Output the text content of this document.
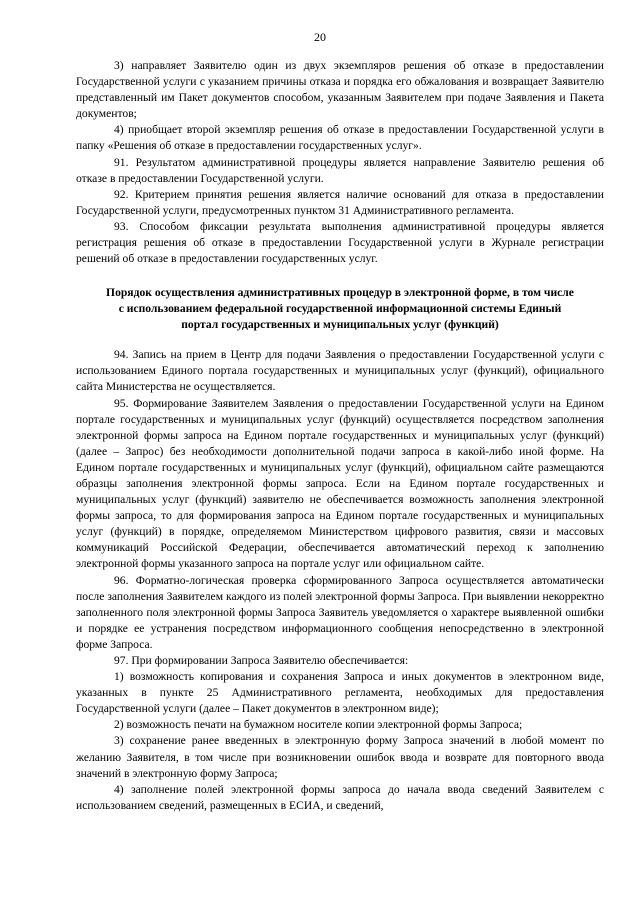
20

3) направляет Заявителю один из двух экземпляров решения об отказе в предоставлении Государственной услуги с указанием причины отказа и порядка его обжалования и возвращает Заявителю представленный им Пакет документов способом, указанным Заявителем при подаче Заявления и Пакета документов;

4) приобщает второй экземпляр решения об отказе в предоставлении Государственной услуги в папку «Решения об отказе в предоставлении государственных услуг».

91. Результатом административной процедуры является направление Заявителю решения об отказе в предоставлении Государственной услуги.

92. Критерием принятия решения является наличие оснований для отказа в предоставлении Государственной услуги, предусмотренных пунктом 31 Административного регламента.

93. Способом фиксации результата выполнения административной процедуры является регистрация решения об отказе в предоставлении Государственной услуги в Журнале регистрации решений об отказе в предоставлении государственных услуг.

Порядок осуществления административных процедур в электронной форме, в том числе
с использованием федеральной государственной информационной системы Единый
портал государственных и муниципальных услуг (функций)

94. Запись на прием в Центр для подачи Заявления о предоставлении Государственной услуги с использованием Единого портала государственных и муниципальных услуг (функций), официального сайта Министерства не осуществляется.

95. Формирование Заявителем Заявления о предоставлении Государственной услуги на Едином портале государственных и муниципальных услуг (функций) осуществляется посредством заполнения электронной формы запроса на Едином портале государственных и муниципальных услуг (функций) (далее – Запрос) без необходимости дополнительной подачи запроса в какой-либо иной форме. На Едином портале государственных и муниципальных услуг (функций), официальном сайте размещаются образцы заполнения электронной формы запроса. Если на Едином портале государственных и муниципальных услуг (функций) заявителю не обеспечивается возможность заполнения электронной формы запроса, то для формирования запроса на Едином портале государственных и муниципальных услуг (функций) в порядке, определяемом Министерством цифрового развития, связи и массовых коммуникаций Российской Федерации, обеспечивается автоматический переход к заполнению электронной формы указанного запроса на портале услуг или официальном сайте.

96. Форматно-логическая проверка сформированного Запроса осуществляется автоматически после заполнения Заявителем каждого из полей электронной формы Запроса. При выявлении некорректно заполненного поля электронной формы Запроса Заявитель уведомляется о характере выявленной ошибки и порядке ее устранения посредством информационного сообщения непосредственно в электронной форме Запроса.

97. При формировании Запроса Заявителю обеспечивается:

1) возможность копирования и сохранения Запроса и иных документов в электронном виде, указанных в пункте 25 Административного регламента, необходимых для предоставления Государственной услуги (далее – Пакет документов в электронном виде);

2) возможность печати на бумажном носителе копии электронной формы Запроса;

3) сохранение ранее введенных в электронную форму Запроса значений в любой момент по желанию Заявителя, в том числе при возникновении ошибок ввода и возврате для повторного ввода значений в электронную форму Запроса;

4) заполнение полей электронной формы запроса до начала ввода сведений Заявителем с использованием сведений, размещенных в ЕСИА, и сведений,
